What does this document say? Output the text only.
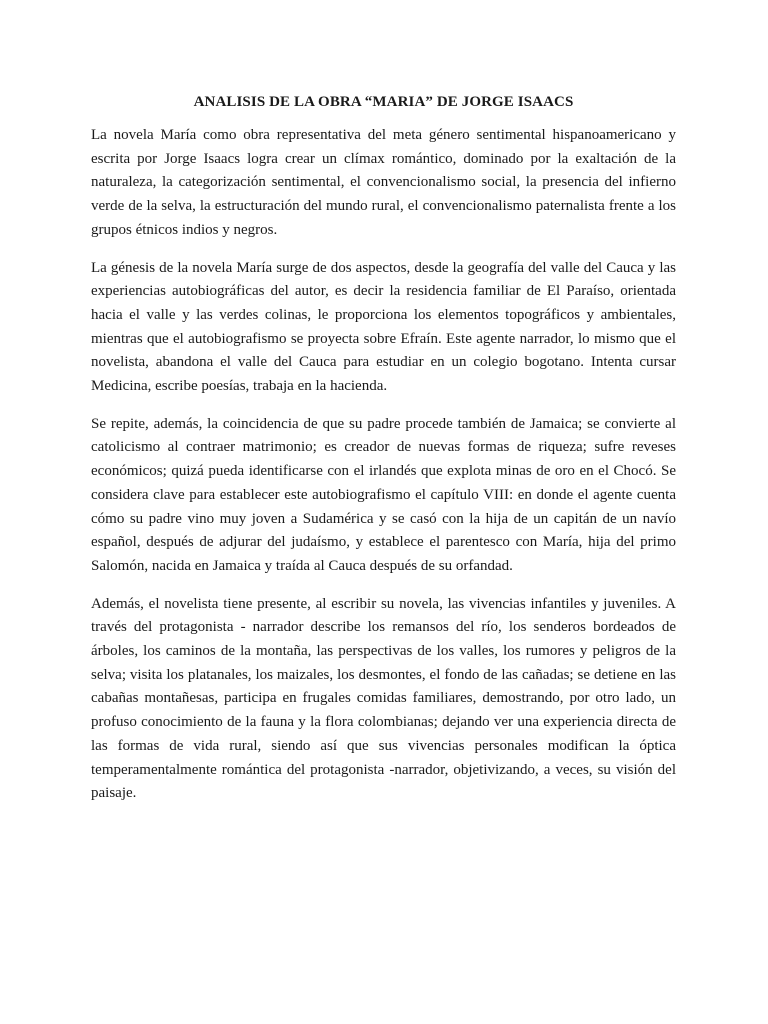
ANALISIS DE LA OBRA “MARIA” DE JORGE ISAACS

La novela María como obra representativa del meta género sentimental hispanoamericano y escrita por Jorge Isaacs logra crear un clímax romántico, dominado por la exaltación de la naturaleza, la categorización sentimental, el convencionalismo social, la presencia del infierno verde de la selva, la estructuración del mundo rural, el convencionalismo paternalista frente a los grupos étnicos indios y negros.

La génesis de la novela María surge de dos aspectos, desde la geografía del valle del Cauca y las experiencias autobiográficas del autor, es decir la residencia familiar de El Paraíso, orientada hacia el valle y las verdes colinas, le proporciona los elementos topográficos y ambientales, mientras que el autobiografismo se proyecta sobre Efraín. Este agente narrador, lo mismo que el novelista, abandona el valle del Cauca para estudiar en un colegio bogotano. Intenta cursar Medicina, escribe poesías, trabaja en la hacienda.

Se repite, además, la coincidencia de que su padre procede también de Jamaica; se convierte al catolicismo al contraer matrimonio; es creador de nuevas formas de riqueza; sufre reveses económicos; quizá pueda identificarse con el irlandés que explota minas de oro en el Chocó. Se considera clave para establecer este autobiografismo el capítulo VIII: en donde el agente cuenta cómo su padre vino muy joven a Sudamérica y se casó con la hija de un capitán de un navío español, después de adjurar del judaísmo, y establece el parentesco con María, hija del primo Salomón, nacida en Jamaica y traída al Cauca después de su orfandad.

Además, el novelista tiene presente, al escribir su novela, las vivencias infantiles y juveniles. A través del protagonista - narrador describe los remansos del río, los senderos bordeados de árboles, los caminos de la montaña, las perspectivas de los valles, los rumores y peligros de la selva; visita los platanales, los maizales, los desmontes, el fondo de las cañadas; se detiene en las cabañas montañesas, participa en frugales comidas familiares, demostrando, por otro lado, un profuso conocimiento de la fauna y la flora colombianas; dejando ver una experiencia directa de las formas de vida rural, siendo así que sus vivencias personales modifican la óptica temperamentalmente romántica del protagonista -narrador, objetivizando, a veces, su visión del paisaje.
